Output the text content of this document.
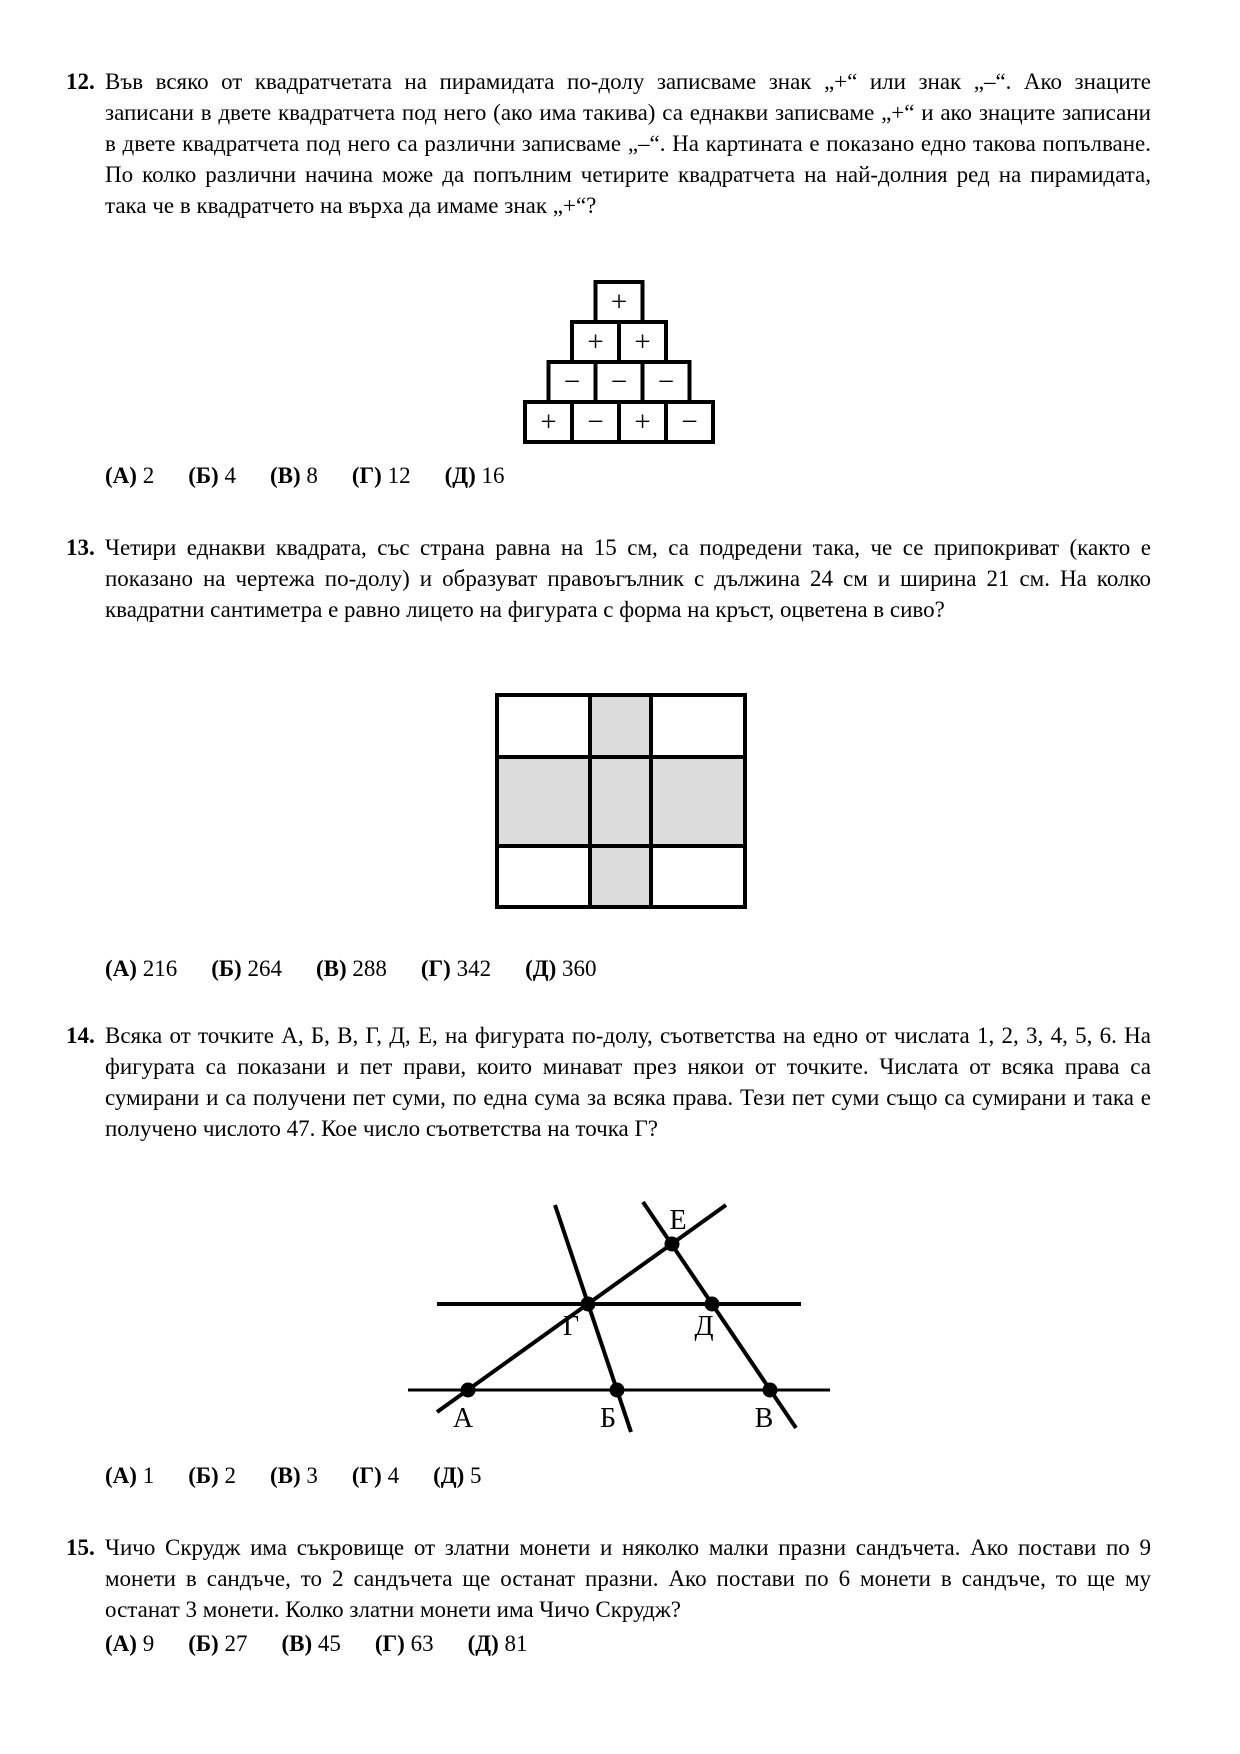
12. Във всяко от квадратчетата на пирамидата по-долу записваме знак „+“ или знак „–“. Ако знаците записани в двете квадратчета под него (ако има такива) са еднакви записваме „+“ и ако знаците записани в двете квадратчета под него са различни записваме „–“. На картината е показано едно такова попълване. По колко различни начина може да попълним четирите квадратчета на най-долния ред на пирамидата, така че в квадратчето на върха да имаме знак „+“?

+
+ +
− − −
+ − + −
(А) 2 (Б) 4 (В) 8 (Г) 12 (Д) 16
13. Четири еднакви квадрата, със страна равна на 15 см, са подредени така, че се припокриват (както е показано на чертежа по-долу) и образуват правоъгълник с дължина 24 см и ширина 21 см. На колко квадратни сантиметра е равно лицето на фигурата с форма на кръст, оцветена в сиво?

(А) 216 (Б) 264 (В) 288 (Г) 342 (Д) 360
14. Всяка от точките А, Б, В, Г, Д, Е, на фигурата по-долу, съответства на едно от числата 1, 2, 3, 4, 5, 6. На фигурата са показани и пет прави, които минават през някои от точките. Числата от всяка права са сумирани и са получени пет суми, по една сума за всяка права. Тези пет суми също са сумирани и така е получено числото 47. Кое число съответства на точка Г?

А	Б	В
Г	Д
Е
(А) 1 (Б) 2 (В) 3 (Г) 4 (Д) 5
15. Чичо Скрудж има съкровище от златни монети и няколко малки празни сандъчета. Ако постави по 9 монети в сандъче, то 2 сандъчета ще останат празни. Ако постави по 6 монети в сандъче, то ще му останат 3 монети. Колко златни монети има Чичо Скрудж?

(А) 9 (Б) 27 (В) 45 (Г) 63 (Д) 81
